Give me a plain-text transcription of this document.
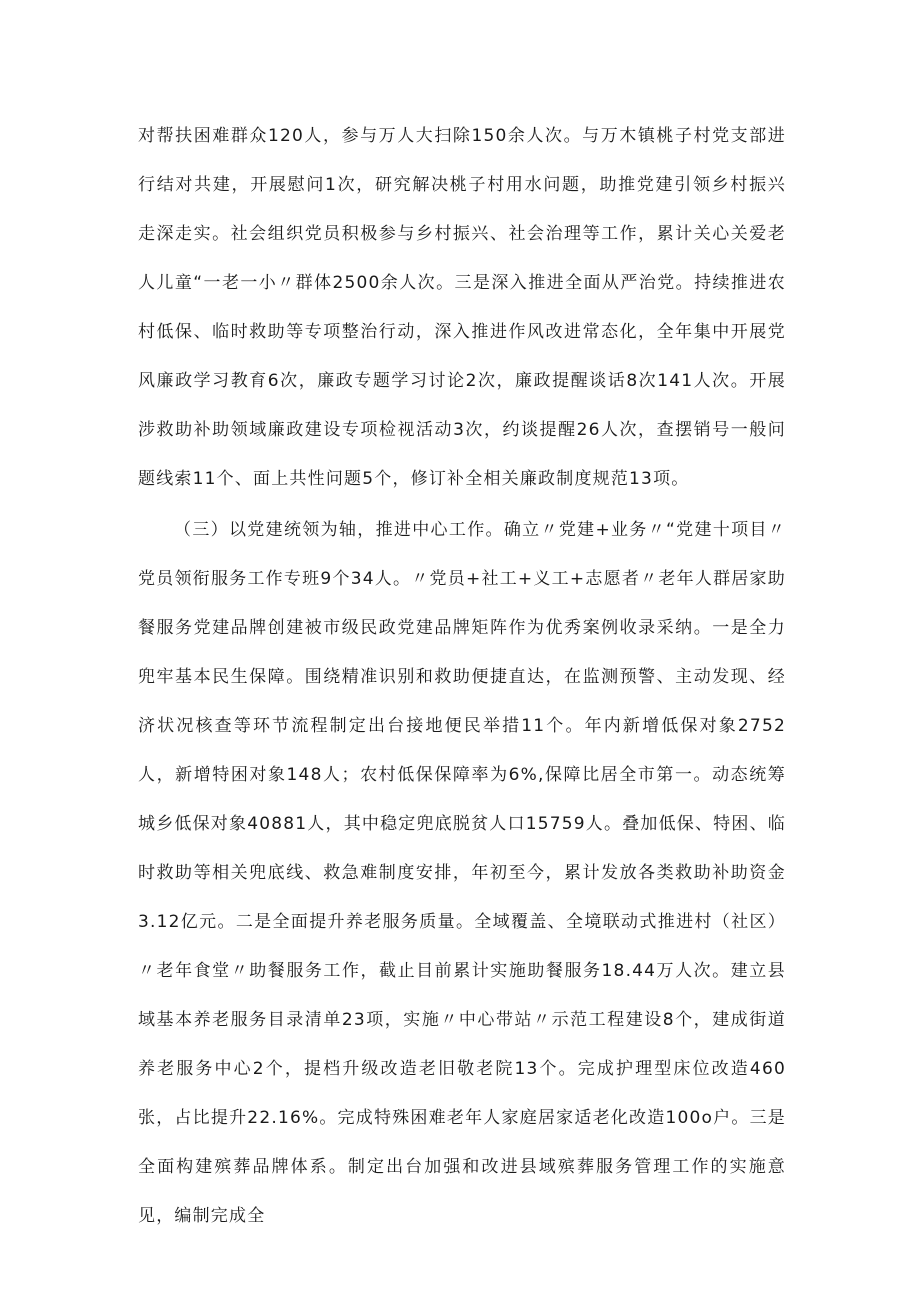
对帮扶困难群众120人，参与万人大扫除150余人次。与万木镇桃子村党支部进行结对共建，开展慰问1次，研究解决桃子村用水问题，助推党建引领乡村振兴走深走实。社会组织党员积极参与乡村振兴、社会治理等工作，累计关心关爱老人儿童“一老一小〃群体2500余人次。三是深入推进全面从严治党。持续推进农村低保、临时救助等专项整治行动，深入推进作风改进常态化，全年集中开展党风廉政学习教育6次，廉政专题学习讨论2次，廉政提醒谈话8次141人次。开展涉救助补助领域廉政建设专项检视活动3次，约谈提醒26人次，查摆销号一般问题线索11个、面上共性问题5个，修订补全相关廉政制度规范13项。

（三）以党建统领为轴，推进中心工作。确立〃党建+业务〃“党建十项目〃党员领衔服务工作专班9个34人。〃党员+社工+义工+志愿者〃老年人群居家助餐服务党建品牌创建被市级民政党建品牌矩阵作为优秀案例收录采纳。一是全力兜牢基本民生保障。围绕精准识别和救助便捷直达，在监测预警、主动发现、经济状况核查等环节流程制定出台接地便民举措11个。年内新增低保对象2752人，新增特困对象148人；农村低保保障率为6%,保障比居全市第一。动态统筹城乡低保对象40881人，其中稳定兜底脱贫人口15759人。叠加低保、特困、临时救助等相关兜底线、救急难制度安排，年初至今，累计发放各类救助补助资金3.12亿元。二是全面提升养老服务质量。全域覆盖、全境联动式推进村（社区）〃老年食堂〃助餐服务工作，截止目前累计实施助餐服务18.44万人次。建立县域基本养老服务目录清单23项，实施〃中心带站〃示范工程建设8个，建成街道养老服务中心2个，提档升级改造老旧敬老院13个。完成护理型床位改造460张，占比提升22.16%。完成特殊困难老年人家庭居家适老化改造100o户。三是全面构建殡葬品牌体系。制定出台加强和改进县域殡葬服务管理工作的实施意见，编制完成全
